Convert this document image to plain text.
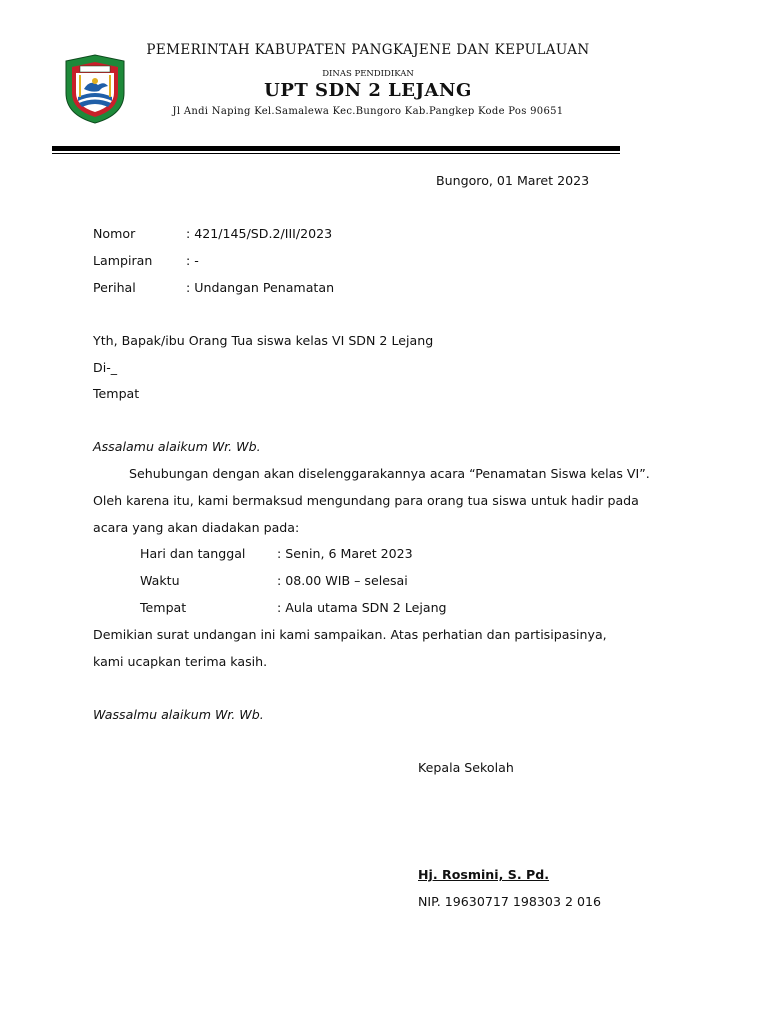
PEMERINTAH KABUPATEN PANGKAJENE DAN KEPULAUAN
DINAS PENDIDIKAN
UPT SDN 2 LEJANG
Jl Andi Naping Kel.Samalewa Kec.Bungoro Kab.Pangkep Kode Pos 90651
Bungoro, 01 Maret 2023
Nomor	: 421/145/SD.2/III/2023
Lampiran	: -
Perihal	: Undangan Penamatan
Yth, Bapak/ibu Orang Tua siswa kelas VI SDN 2 Lejang
Di-_
Tempat
Assalamu alaikum Wr. Wb.
Sehubungan dengan akan diselenggarakannya acara “Penamatan Siswa kelas VI”.
Oleh karena itu, kami bermaksud mengundang para orang tua siswa untuk hadir pada
acara yang akan diadakan pada:
Hari dan tanggal	: Senin, 6 Maret 2023
Waktu	: 08.00 WIB – selesai
Tempat	: Aula utama SDN 2 Lejang
Demikian surat undangan ini kami sampaikan. Atas perhatian dan partisipasinya,
kami ucapkan terima kasih.
Wassalmu alaikum Wr. Wb.
Kepala Sekolah
Hj. Rosmini, S. Pd.
NIP. 19630717 198303 2 016
